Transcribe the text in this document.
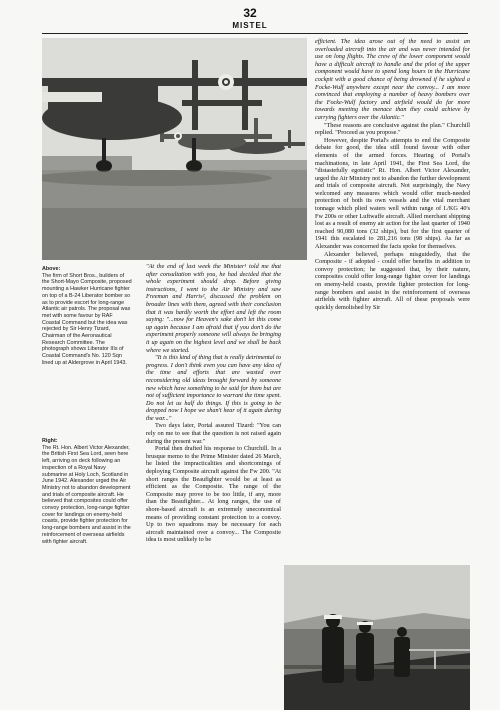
32
MISTEL
Above:
The firm of Short Bros., builders of the Short-Mayo Composite, proposed mounting a Hawker Hurricane fighter on top of a B-24 Liberator bomber so as to provide escort for long-range Atlantic air patrols. The proposal was met with some favour by RAF Coastal Command but the idea was rejected by Sir Henry Tizard, Chairman of the Aeronautical Research Committee. The photograph shows Liberator IIIs of Coastal Command's No. 120 Sqn lined up at Aldergrove in April 1943.
Right:
The Rt. Hon. Albert Victor Alexander, the British First Sea Lord, seen here left, arriving on deck following an inspection of a Royal Navy submarine at Holy Loch, Scotland in June 1942. Alexander urged the Air Ministry not to abandon development and trials of composite aircraft. He believed that composites could offer convoy protection, long-range fighter cover for landings on enemy-held coasts, provide fighter protection for long-range bombers and assist in the reinforcement of overseas airfields with fighter aircraft.

"At the end of last week the Minister¹ told me that after consultation with you, he had decided that the whole experiment should drop. Before giving instructions, I went to the Air Ministry and saw Freeman and Harris², discussed the problem on broader lines with them, agreed with their conclusion that it was hardly worth the effort and left the room saying: "...now for Heaven's sake don't let this come up again because I am afraid that if you don't do the experiment properly someone will always be bringing it up again on the highest level and we shall be back where we started.

"It is this kind of thing that is really detrimental to progress. I don't think even you can have any idea of the time and efforts that are wasted over reconsidering old ideas brought forward by someone new which have something to be said for them but are not of sufficient importance to warrant the time spent. Do not let us half do things. If this is going to be dropped now I hope we shan't hear of it again during the war..."

Two days later, Portal assured Tizard: "You can rely on me to see that the question is not raised again during the present war."

Portal then drafted his response to Churchill. In a brusque memo to the Prime Minister dated 26 March, he listed the impracticalities and shortcomings of deploying Composite aircraft against the Fw 200. "At short ranges the Beaufighter would be at least as efficient as the Composite. The range of the Composite may prove to be too little, if any, more than the Beaufighter... At long ranges, the use of shore-based aircraft is an extremely uneconomical means of providing constant protection to a convoy. Up to two squadrons may be necessary for each aircraft maintained over a convoy... The Composite idea is most unlikely to be

efficient. The idea arose out of the need to assist an overloaded aircraft into the air and was never intended for use on long flights. The crew of the lower component would have a difficult aircraft to handle and the pilot of the upper component would have to spend long hours in the Hurricane cockpit with a good chance of being drowned if he sighted a Focke-Wulf anywhere except near the convoy... I am more convinced that employing a number of heavy bombers over the Focke-Wulf factory and airfield would do far more towards meeting the menace than they could achieve by carrying fighters over the Atlantic."

"These reasons are conclusive against the plan." Churchill replied. "Proceed as you propose."

However, despite Portal's attempts to end the Composite debate for good, the idea still found favour with other elements of the armed forces. Hearing of Portal's machinations, in late April 1941, the First Sea Lord, the "distastefully egotistic" Rt. Hon. Albert Victor Alexander, urged the Air Ministry not to abandon the further development and trials of composite aircraft. Not surprisingly, the Navy welcomed any measures which would offer much-needed protection of both its own vessels and the vital merchant tonnage which plied waters well within range of I./KG 40's Fw 200s or other Luftwaffe aircraft. Allied merchant shipping lost as a result of enemy air action for the last quarter of 1940 reached 90,080 tons (32 ships), but for the first quarter of 1941 this escalated to 281,216 tons (98 ships). As far as Alexander was concerned the facts spoke for themselves.

Alexander believed, perhaps misguidedly, that the Composite - if adopted - could offer benefits in addition to convoy protection; he suggested that, by their nature, composites could offer long-range fighter cover for landings on enemy-held coasts, provide fighter protection for long-range bombers and assist in the reinforcement of overseas airfields with fighter aircraft. All of these proposals were quickly demolished by Sir
